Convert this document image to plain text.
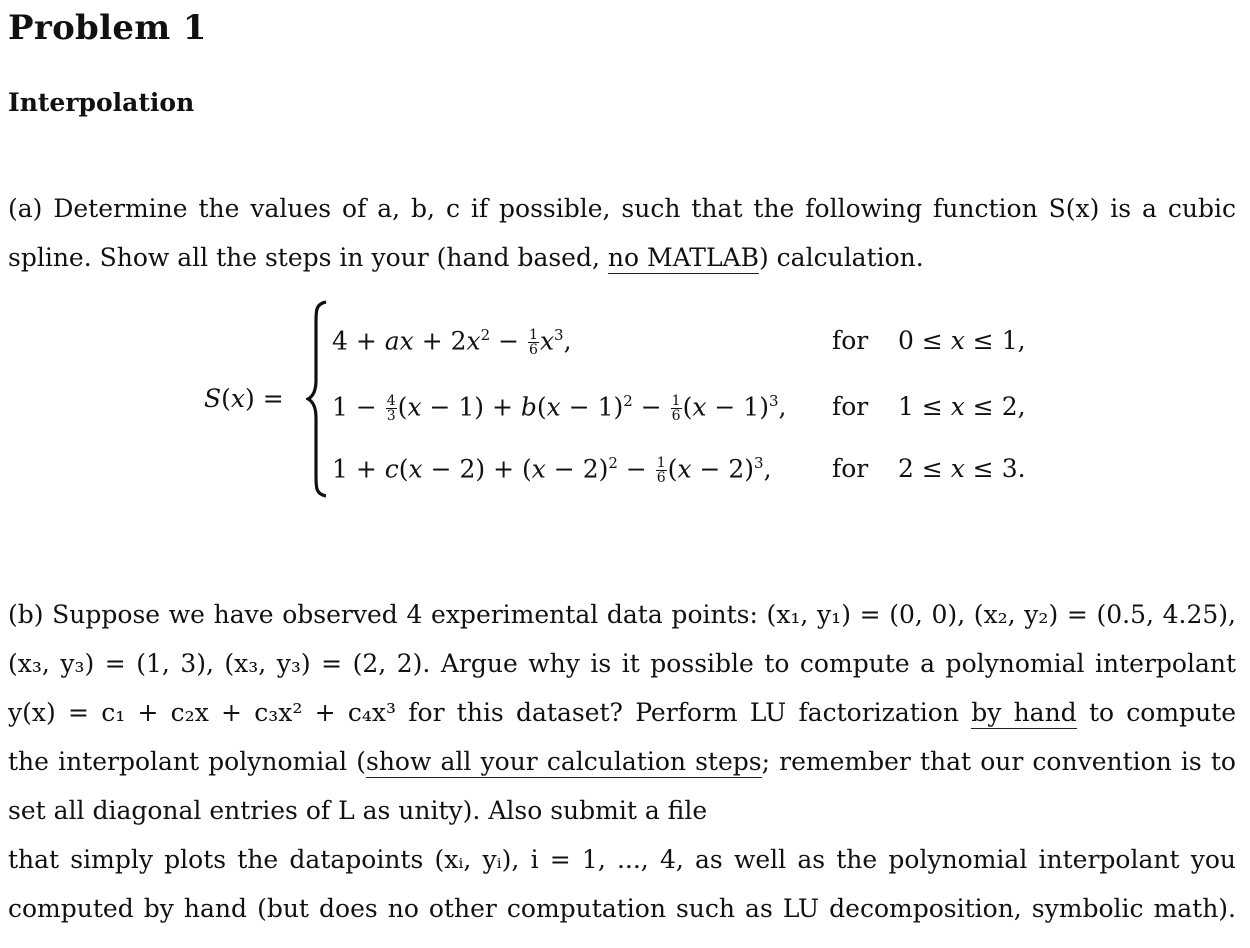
Problem 1
Interpolation
(a) Determine the values of a, b, c if possible, such that the following function S(x) is a cubic
spline. Show all the steps in your (hand based, no MATLAB) calculation.
S(x) =
4 + ax + $2x^2 - \frac{1}{6} x^3$,	for 0 ≤ x ≤ 1,
$1 - \frac{4}{3} (x - 1) + b(x - 1)^2 - \frac{1}{6} (x - 1)^3$, for 1 ≤ x ≤ 2,
$1 + c(x - 2) + (x - 2)^2 - \frac{1}{6} (x - 2)^3$, for 2 ≤ x ≤ 3.
(b) Suppose we have observed 4 experimental data points: (x₁, y₁) = (0, 0), (x₂, y₂) = (0.5, 4.25),
(x₃, y₃) = (1, 3), (x₃, y₃) = (2, 2). Argue why is it possible to compute a polynomial interpolant
y(x) = c₁ + c₂x + c₃x² + c₄x³ for this dataset? Perform LU factorization by hand to compute
the interpolant polynomial (show all your calculation steps; remember that our convention is to
set all diagonal entries of L as unity). Also submit a file
that simply plots the datapoints (xᵢ, yᵢ), i = 1, ..., 4, as well as the polynomial interpolant you
computed by hand (but does no other computation such as LU decomposition, symbolic math).
